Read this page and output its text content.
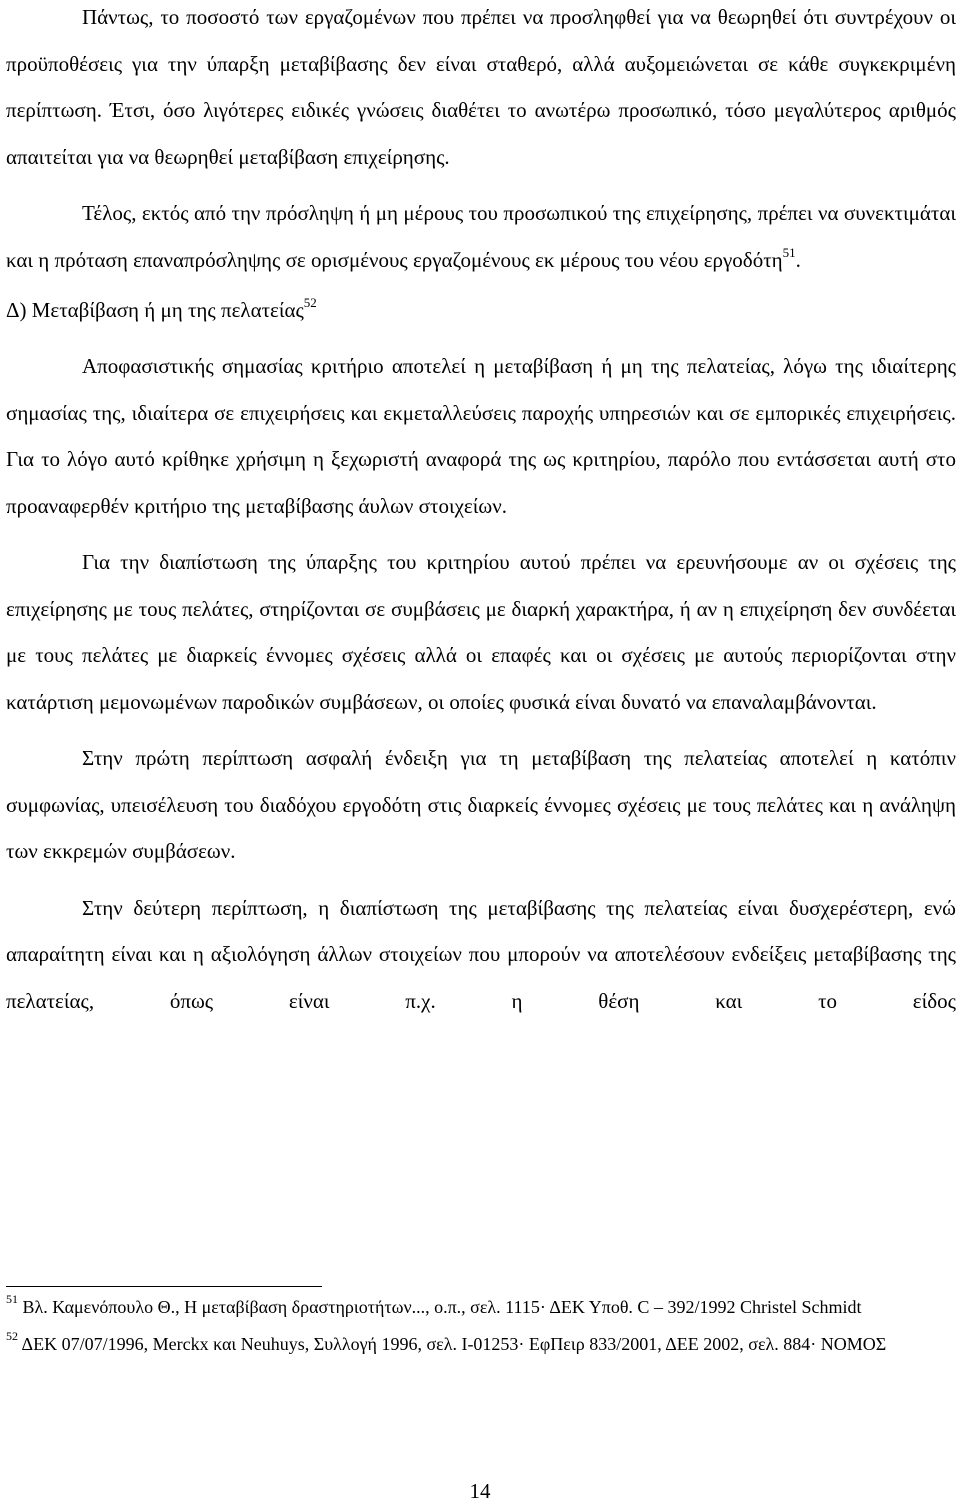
Πάντως, το ποσοστό των εργαζομένων που πρέπει να προσληφθεί για να θεωρηθεί ότι συντρέχουν οι προϋποθέσεις για την ύπαρξη μεταβίβασης δεν είναι σταθερό, αλλά αυξομειώνεται σε κάθε συγκεκριμένη περίπτωση. Έτσι, όσο λιγότερες ειδικές γνώσεις διαθέτει το ανωτέρω προσωπικό, τόσο μεγαλύτερος αριθμός απαιτείται για να θεωρηθεί μεταβίβαση επιχείρησης.

Τέλος, εκτός από την πρόσληψη ή μη μέρους του προσωπικού της επιχείρησης, πρέπει να συνεκτιμάται και η πρόταση επαναπρόσληψης σε ορισμένους εργαζομένους εκ μέρους του νέου εργοδότη$^{51}$.

Δ) Μεταβίβαση ή μη της πελατείας$^{52}$

Αποφασιστικής σημασίας κριτήριο αποτελεί η μεταβίβαση ή μη της πελατείας, λόγω της ιδιαίτερης σημασίας της, ιδιαίτερα σε επιχειρήσεις και εκμεταλλεύσεις παροχής υπηρεσιών και σε εμπορικές επιχειρήσεις. Για το λόγο αυτό κρίθηκε χρήσιμη η ξεχωριστή αναφορά της ως κριτηρίου, παρόλο που εντάσσεται αυτή στο προαναφερθέν κριτήριο της μεταβίβασης άυλων στοιχείων.

Για την διαπίστωση της ύπαρξης του κριτηρίου αυτού πρέπει να ερευνήσουμε αν οι σχέσεις της επιχείρησης με τους πελάτες, στηρίζονται σε συμβάσεις με διαρκή χαρακτήρα, ή αν η επιχείρηση δεν συνδέεται με τους πελάτες με διαρκείς έννομες σχέσεις αλλά οι επαφές και οι σχέσεις με αυτούς περιορίζονται στην κατάρτιση μεμονωμένων παροδικών συμβάσεων, οι οποίες φυσικά είναι δυνατό να επαναλαμβάνονται.

Στην πρώτη περίπτωση ασφαλή ένδειξη για τη μεταβίβαση της πελατείας αποτελεί η κατόπιν συμφωνίας, υπεισέλευση του διαδόχου εργοδότη στις διαρκείς έννομες σχέσεις με τους πελάτες και η ανάληψη των εκκρεμών συμβάσεων.

Στην δεύτερη περίπτωση, η διαπίστωση της μεταβίβασης της πελατείας είναι δυσχερέστερη, ενώ απαραίτητη είναι και η αξιολόγηση άλλων στοιχείων που μπορούν να αποτελέσουν ενδείξεις μεταβίβασης της πελατείας, όπως είναι π.χ. η θέση και το είδος

$^{51}$ Βλ. Καμενόπουλο Θ., Η μεταβίβαση δραστηριοτήτων..., ο.π., σελ. 1115· ΔΕΚ Υποθ. C – 392/1992 Christel Schmidt

$^{52}$ ΔΕΚ 07/07/1996, Merckx και Neuhuys, Συλλογή 1996, σελ. I-01253· ΕφΠειρ 833/2001, ΔΕΕ 2002, σελ. 884· ΝΟΜΟΣ

14
